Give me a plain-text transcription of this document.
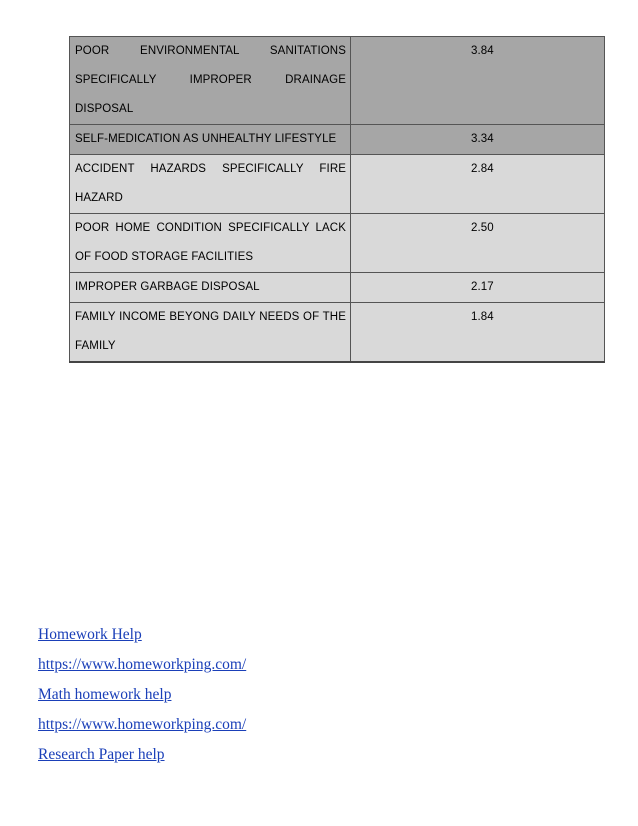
POOR ENVIRONMENTAL SANITATIONS SPECIFICALLY IMPROPER DRAINAGE DISPOSAL	3.84

SELF-MEDICATION AS UNHEALTHY LIFESTYLE	3.34

ACCIDENT HAZARDS SPECIFICALLY FIRE HAZARD	2.84

POOR HOME CONDITION SPECIFICALLY LACK OF FOOD STORAGE FACILITIES	2.50

IMPROPER GARBAGE DISPOSAL	2.17

FAMILY INCOME BEYONG DAILY NEEDS OF THE FAMILY	1.84
Homework Help
https://www.homeworkping.com/
Math homework help
https://www.homeworkping.com/
Research Paper help
